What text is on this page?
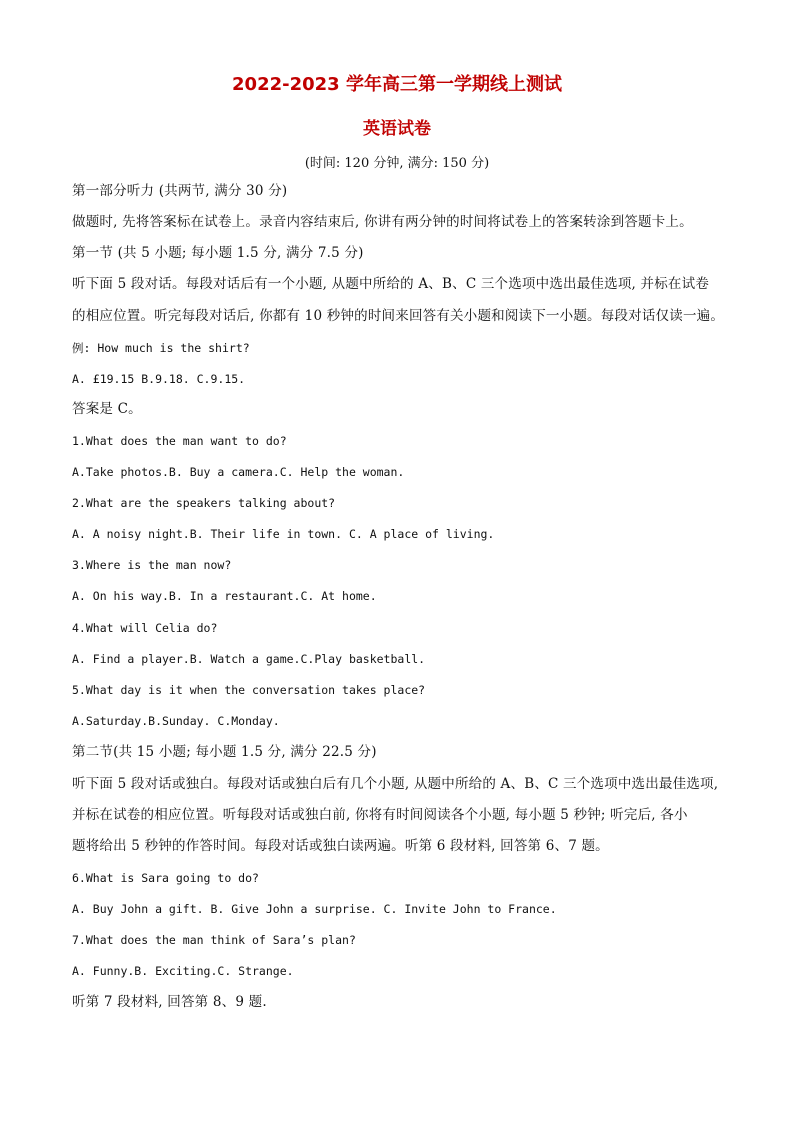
2022-2023 学年高三第一学期线上测试
英语试卷
(时间: 120 分钟, 满分: 150 分)
第一部分听力 (共两节, 满分 30 分)
做题时, 先将答案标在试卷上。录音内容结束后, 你讲有两分钟的时间将试卷上的答案转涂到答题卡上。
第一节 (共 5 小题; 每小题 1.5 分, 满分 7.5 分)
听下面 5 段对话。每段对话后有一个小题, 从题中所给的 A、B、C 三个选项中选出最佳选项, 并标在试卷
的相应位置。听完每段对话后, 你都有 10 秒钟的时间来回答有关小题和阅读下一小题。每段对话仅读一遍。
例: How much is the shirt?
A. £19.15 B.9.18. C.9.15.
答案是 C。
1.What does the man want to do?
A.Take photos.B. Buy a camera.C. Help the woman.
2.What are the speakers talking about?
A. A noisy night.B. Their life in town. C. A place of living.
3.Where is the man now?
A. On his way.B. In a restaurant.C. At home.
4.What will Celia do?
A. Find a player.B. Watch a game.C.Play basketball.
5.What day is it when the conversation takes place?
A.Saturday.B.Sunday. C.Monday.
第二节(共 15 小题; 每小题 1.5 分, 满分 22.5 分)
听下面 5 段对话或独白。每段对话或独白后有几个小题, 从题中所给的 A、B、C 三个选项中选出最佳选项,
并标在试卷的相应位置。听每段对话或独白前, 你将有时间阅读各个小题, 每小题 5 秒钟; 听完后, 各小
题将给出 5 秒钟的作答时间。每段对话或独白读两遍。听第 6 段材料, 回答第 6、7 题。
6.What is Sara going to do?
A. Buy John a gift. B. Give John a surprise. C. Invite John to France.
7.What does the man think of Sara’s plan?
A. Funny.B. Exciting.C. Strange.
听第 7 段材料, 回答第 8、9 题.
